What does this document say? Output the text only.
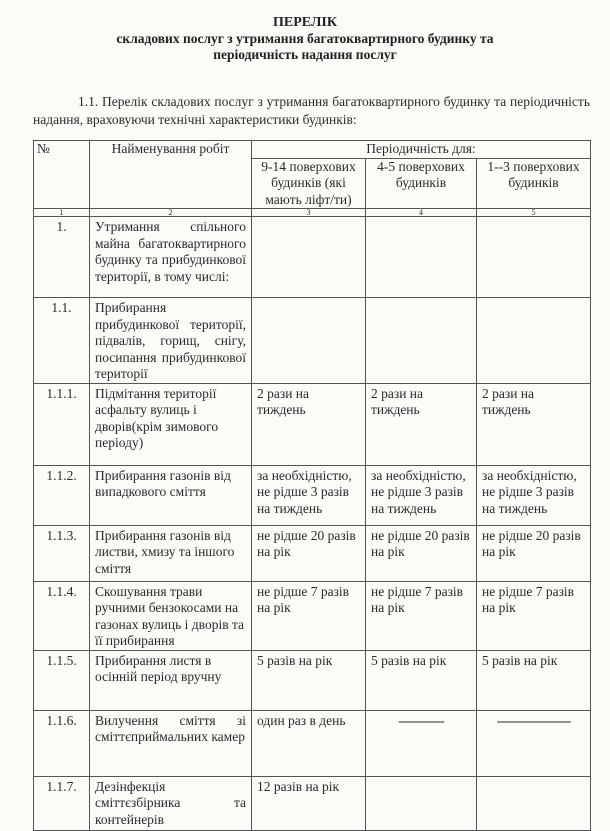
ПЕРЕЛІК
складових послуг з утримання багатоквартирного будинку та
періодичність надання послуг
1.1. Перелік складових послуг з утримання багатоквартирного будинку та періодичність надання, враховуючи технічні характеристики будинків:
№	Найменування робіт	Періодичність для:		
		9-14 поверхових будинків (які мають ліфт/ти)	4-5 поверхових будинків	1--3 поверхових будинків
1	2	3	4	5
1.	Утримання спільного майна багатоквартирного будинку та прибудинкової території, в тому числі:			
1.1.	Прибирання прибудинкової території, підвалів, горищ, снігу, посипання прибудинкової території			
1.1.1.	Підмітання території асфальту вулиць і дворів(крім зимового періоду)	2 рази на тиждень	2 рази на тиждень	2 рази на тиждень
1.1.2.	Прибирання газонів від випадкового сміття	за необхідністю, не рідше 3 разів на тиждень	за необхідністю, не рідше 3 разів на тиждень	за необхідністю, не рідше 3 разів на тиждень
1.1.3.	Прибирання газонів від листви, хмизу та іншого сміття	не рідше 20 разів на рік	не рідше 20 разів на рік	не рідше 20 разів на рік
1.1.4.	Скошування трави ручними бензокосами на газонах вулиць і дворів та її прибирання	не рідше 7 разів на рік	не рідше 7 разів на рік	не рідше 7 разів на рік
1.1.5.	Прибирання листя в осінній період вручну	5 разів на рік	5 разів на рік	5 разів на рік
1.1.6.	Вилучення сміття зі сміттєприймальних камер	один раз в день	-------------	---------------------
1.1.7.	Дезінфекція сміттєзбірника та контейнерів	12 разів на рік		
